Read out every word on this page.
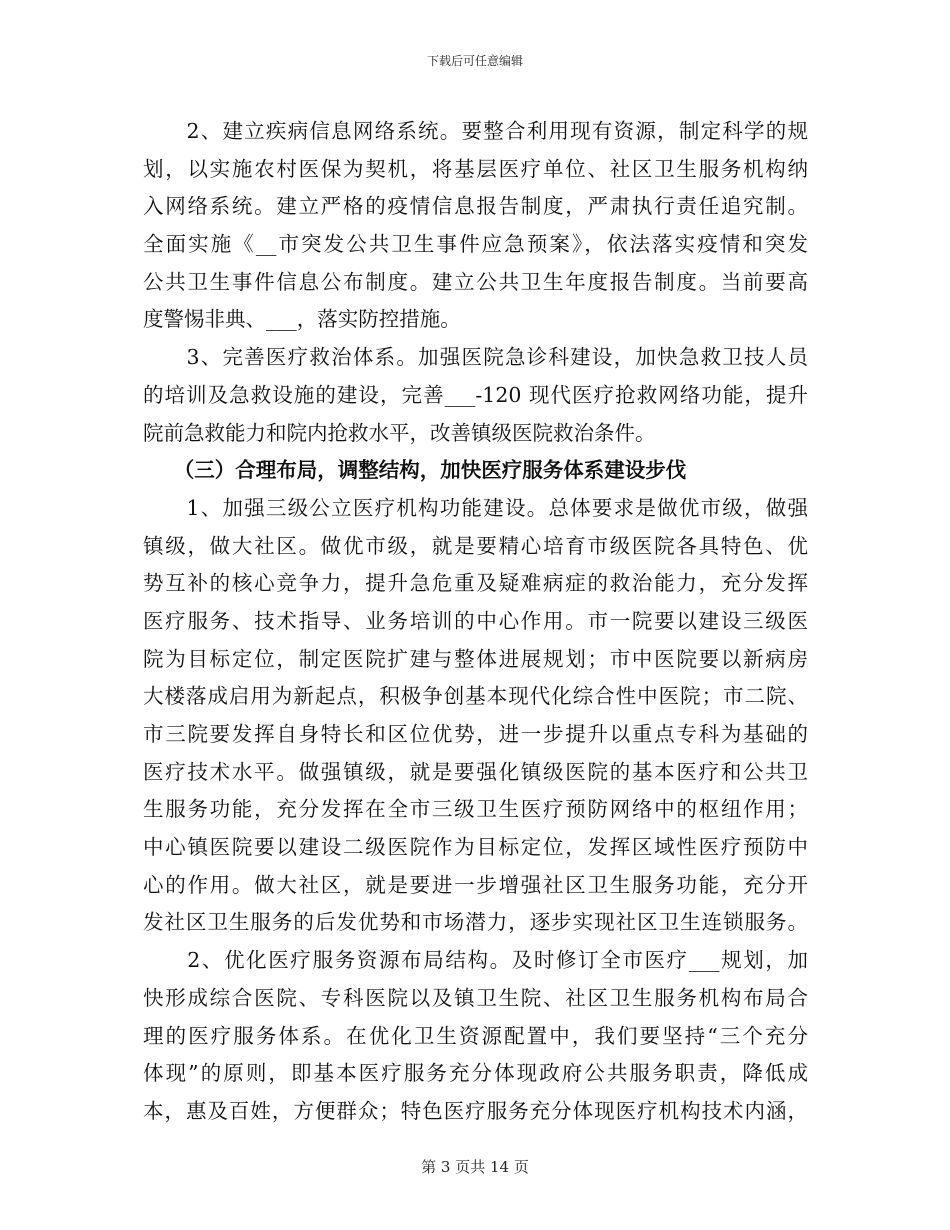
下载后可任意编辑
　　2、建立疾病信息网络系统。要整合利用现有资源，制定科学的规
划，以实施农村医保为契机，将基层医疗单位、社区卫生服务机构纳
入网络系统。建立严格的疫情信息报告制度，严肃执行责任追究制。
全面实施《__市突发公共卫生事件应急预案》，依法落实疫情和突发
公共卫生事件信息公布制度。建立公共卫生年度报告制度。当前要高
度警惕非典、___，落实防控措施。
　　3、完善医疗救治体系。加强医院急诊科建设，加快急救卫技人员
的培训及急救设施的建设，完善___-120 现代医疗抢救网络功能，提升
院前急救能力和院内抢救水平，改善镇级医院救治条件。
　　（三）合理布局，调整结构，加快医疗服务体系建设步伐
　　1、加强三级公立医疗机构功能建设。总体要求是做优市级，做强
镇级，做大社区。做优市级，就是要精心培育市级医院各具特色、优
势互补的核心竞争力，提升急危重及疑难病症的救治能力，充分发挥
医疗服务、技术指导、业务培训的中心作用。市一院要以建设三级医
院为目标定位，制定医院扩建与整体进展规划；市中医院要以新病房
大楼落成启用为新起点，积极争创基本现代化综合性中医院；市二院、
市三院要发挥自身特长和区位优势，进一步提升以重点专科为基础的
医疗技术水平。做强镇级，就是要强化镇级医院的基本医疗和公共卫
生服务功能，充分发挥在全市三级卫生医疗预防网络中的枢纽作用；
中心镇医院要以建设二级医院作为目标定位，发挥区域性医疗预防中
心的作用。做大社区，就是要进一步增强社区卫生服务功能，充分开
发社区卫生服务的后发优势和市场潜力，逐步实现社区卫生连锁服务。
　　2、优化医疗服务资源布局结构。及时修订全市医疗___规划，加
快形成综合医院、专科医院以及镇卫生院、社区卫生服务机构布局合
理的医疗服务体系。在优化卫生资源配置中，我们要坚持“三个充分
体现”的原则，即基本医疗服务充分体现政府公共服务职责，降低成
本，惠及百姓，方便群众；特色医疗服务充分体现医疗机构技术内涵，
第 3 页共 14 页
